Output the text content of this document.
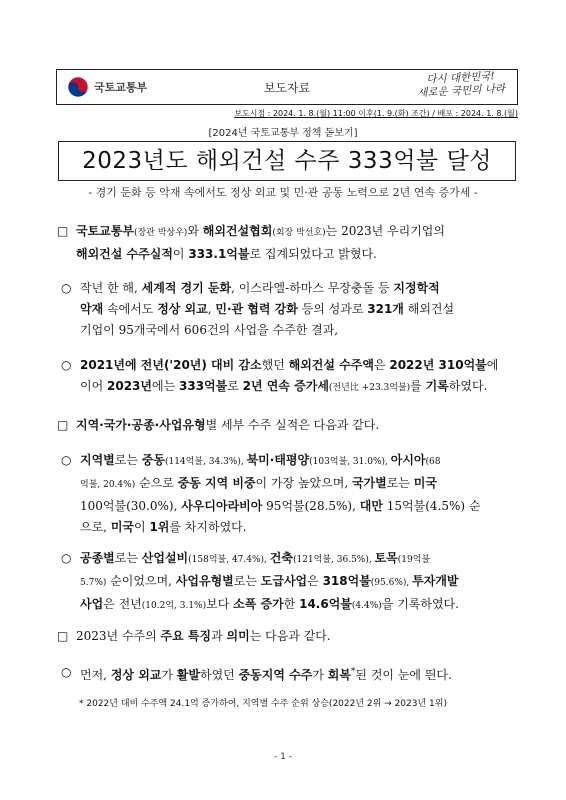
국토교통부	보도자료
다시 대한민국!
새로운 국민의 나라
보도시점 : 2024. 1. 8.(월) 11:00 이후(1. 9.(화) 조간) / 배포 : 2024. 1. 8.(월)
[2024년 국토교통부 정책 돋보기]
2023년도 해외건설 수주 333억불 달성
- 경기 둔화 등 악재 속에서도 정상 외교 및 민·관 공동 노력으로 2년 연속 증가세 -
□ 국토교통부(장관 박상우)와 해외건설협회(회장 박선호)는 2023년 우리기업의
해외건설 수주실적이 333.1억불로 집계되었다고 밝혔다.
○ 작년 한 해, 세계적 경기 둔화, 이스라엘-하마스 무장충돌 등 지정학적
악재 속에서도 정상 외교, 민·관 협력 강화 등의 성과로 321개 해외건설
기업이 95개국에서 606건의 사업을 수주한 결과,
○ 2021년에 전년('20년) 대비 감소했던 해외건설 수주액은 2022년 310억불에
이어 2023년에는 333억불로 2년 연속 증가세(전년比 +23.3억불)를 기록하였다.
□ 지역·국가·공종·사업유형별 세부 수주 실적은 다음과 같다.
○ 지역별로는 중동(114억불, 34.3%), 북미·태평양(103억불, 31.0%), 아시아(68
억불, 20.4%) 순으로 중동 지역 비중이 가장 높았으며, 국가별로는 미국
100억불(30.0%), 사우디아라비아 95억불(28.5%), 대만 15억불(4.5%) 순
으로, 미국이 1위를 차지하였다.
○ 공종별로는 산업설비(158억불, 47.4%), 건축(121억불, 36.5%), 토목(19억불
5.7%) 순이었으며, 사업유형별로는 도급사업은 318억불(95.6%), 투자개발
사업은 전년(10.2억, 3.1%)보다 소폭 증가한 14.6억불(4.4%)을 기록하였다.
□ 2023년 수주의 주요 특징과 의미는 다음과 같다.
○ 먼저, 정상 외교가 활발하였던 중동지역 수주가 회복*된 것이 눈에 띈다.
* 2022년 대비 수주액 24.1억 증가하여, 지역별 수주 순위 상승(2022년 2위 → 2023년 1위)
- 1 -
